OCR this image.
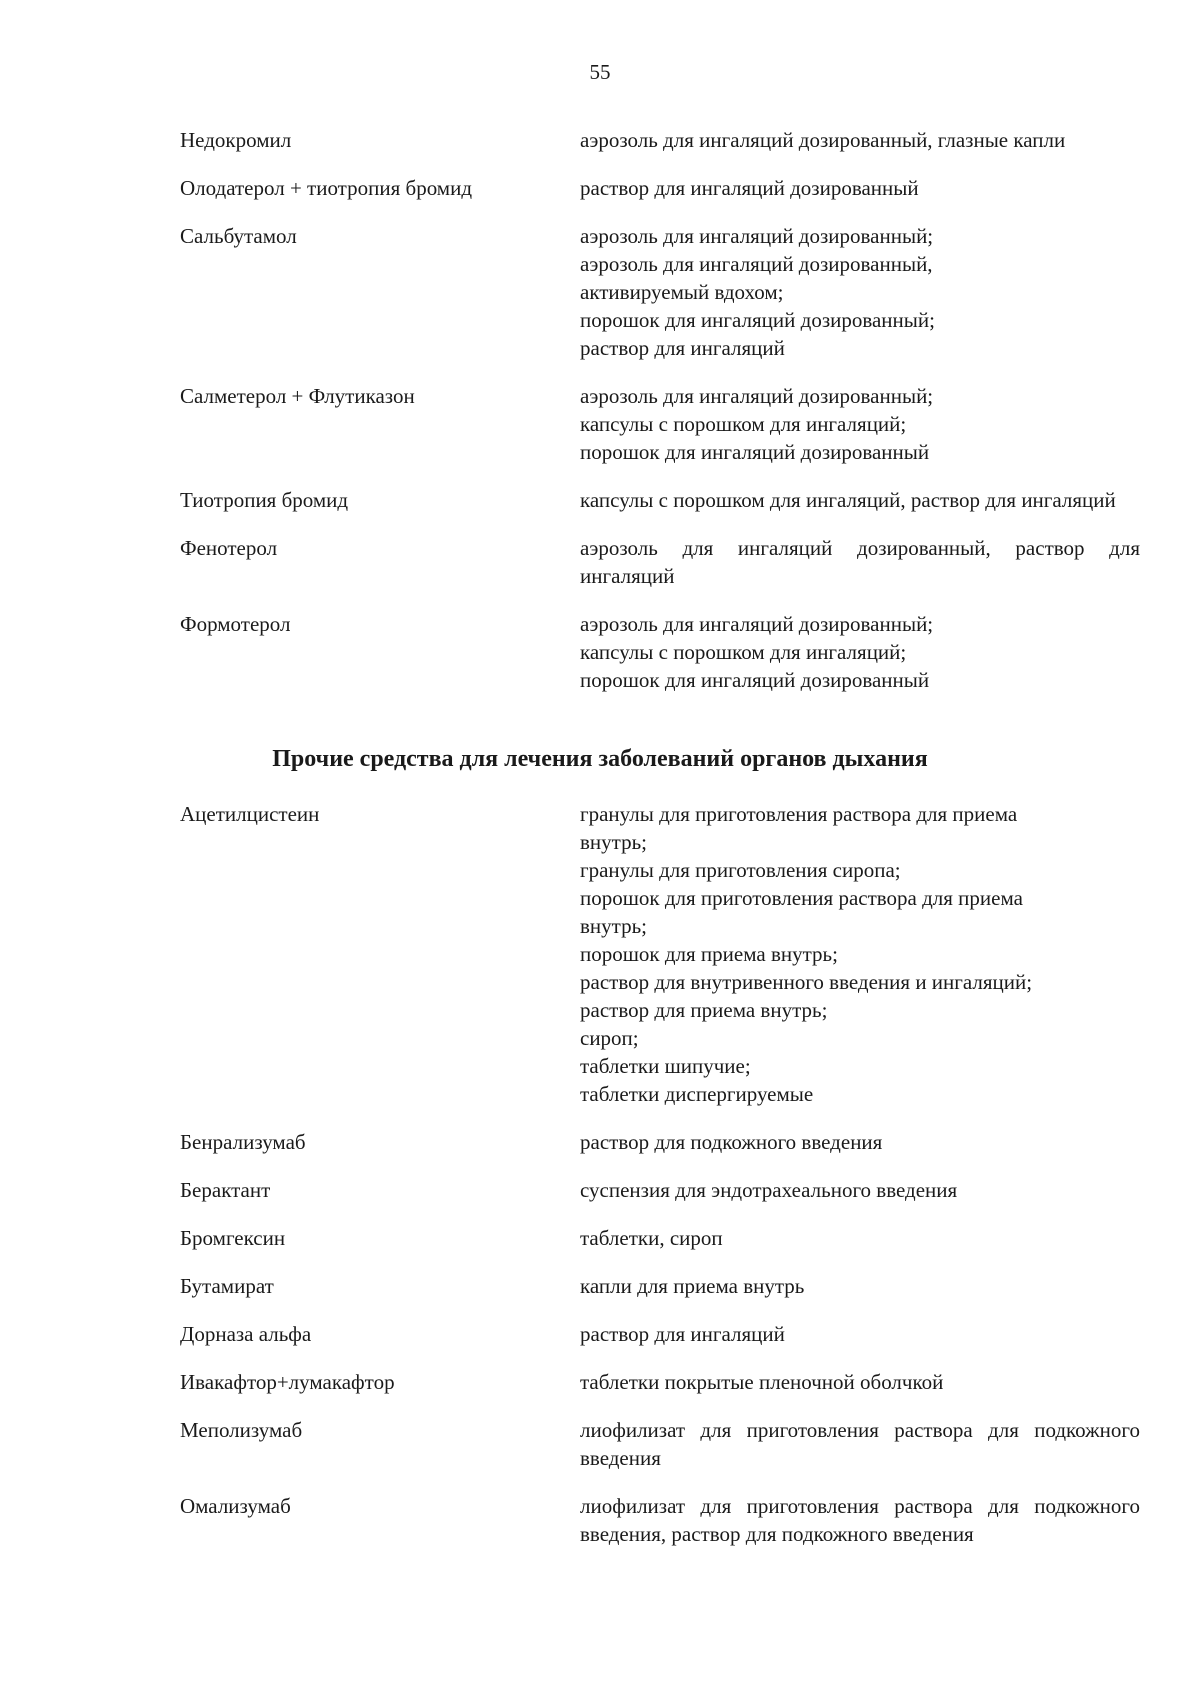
55
Недокромил	аэрозоль для ингаляций дозированный, глазные капли
Олодатерол + тиотропия бромид	раствор для ингаляций дозированный
Сальбутамол	аэрозоль для ингаляций дозированный;
аэрозоль для ингаляций дозированный,
активируемый вдохом;
порошок для ингаляций дозированный;
раствор для ингаляций
Салметерол + Флутиказон	аэрозоль для ингаляций дозированный;
капсулы с порошком для ингаляций;
порошок для ингаляций дозированный
Тиотропия бромид	капсулы с порошком для ингаляций, раствор для ингаляций
Фенотерол	аэрозоль для ингаляций дозированный, раствор для ингаляций
Формотерол	аэрозоль для ингаляций дозированный;
капсулы с порошком для ингаляций;
порошок для ингаляций дозированный
Прочие средства для лечения заболеваний органов дыхания
Ацетилцистеин	гранулы для приготовления раствора для приема
внутрь;
гранулы для приготовления сиропа;
порошок для приготовления раствора для приема
внутрь;
порошок для приема внутрь;
раствор для внутривенного введения и ингаляций;
раствор для приема внутрь;
сироп;
таблетки шипучие;
таблетки диспергируемые
Бенрализумаб	раствор для подкожного введения
Берактант	суспензия для эндотрахеального введения
Бромгексин	таблетки, сироп
Бутамират	капли для приема внутрь
Дорназа альфа	раствор для ингаляций
Ивакафтор+лумакафтор	таблетки покрытые пленочной оболчкой
Меполизумаб	лиофилизат для приготовления раствора для подкожного введения
Омализумаб	лиофилизат для приготовления раствора для подкожного введения, раствор для подкожного введения
